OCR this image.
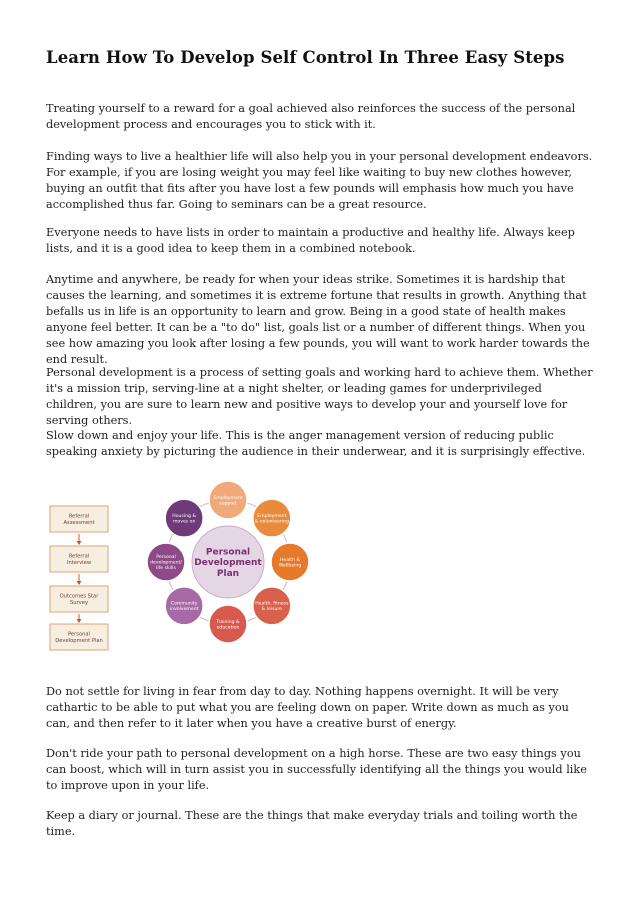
Learn How To Develop Self Control In Three Easy Steps

Treating yourself to a reward for a goal achieved also reinforces the success of the personal development process and encourages you to stick with it.

Finding ways to live a healthier life will also help you in your personal development endeavors. For example, if you are losing weight you may feel like waiting to buy new clothes however, buying an outfit that fits after you have lost a few pounds will emphasis how much you have accomplished thus far. Going to seminars can be a great resource.

Everyone needs to have lists in order to maintain a productive and healthy life. Always keep lists, and it is a good idea to keep them in a combined notebook.

Anytime and anywhere, be ready for when your ideas strike. Sometimes it is hardship that causes the learning, and sometimes it is extreme fortune that results in growth. Anything that befalls us in life is an opportunity to learn and grow. Being in a good state of health makes anyone feel better. It can be a "to do" list, goals list or a number of different things. When you see how amazing you look after losing a few pounds, you will want to work harder towards the end result.

Personal development is a process of setting goals and working hard to achieve them. Whether it's a mission trip, serving-line at a night shelter, or leading games for underprivileged children, you are sure to learn new and positive ways to develop your and yourself love for serving others.

Slow down and enjoy your life. This is the anger management version of reducing public speaking anxiety by picturing the audience in their underwear, and it is surprisingly effective.

Referral
Assessment
Referral
Interview
Outcomes Star
Survey
Personal
Development Plan
Personal
Development
Plan
Employment
support
Employment
& volunteering
Health &
Wellbeing
Health, fitness
& leisure
Training &
education
Community
involvement
Personal
development/
life skills
Housing &
moves on

Do not settle for living in fear from day to day. Nothing happens overnight. It will be very cathartic to be able to put what you are feeling down on paper. Write down as much as you can, and then refer to it later when you have a creative burst of energy.

Don't ride your path to personal development on a high horse. These are two easy things you can boost, which will in turn assist you in successfully identifying all the things you would like to improve upon in your life.

Keep a diary or journal. These are the things that make everyday trials and toiling worth the time.
